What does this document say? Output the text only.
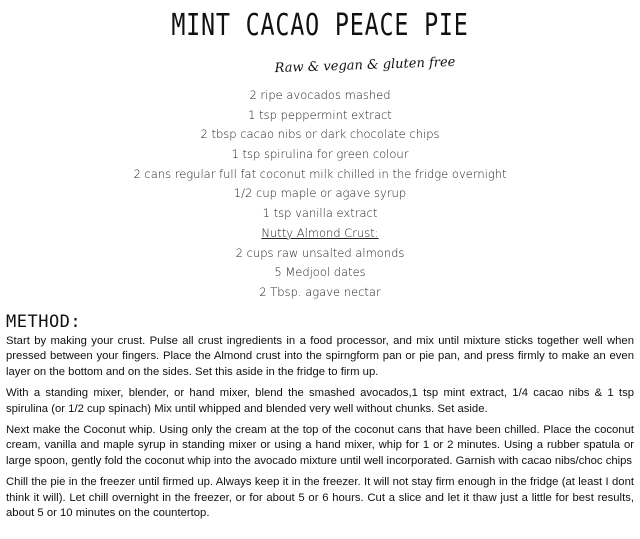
MINT CACAO PEACE PIE
Raw & vegan & gluten free
2 ripe avocados mashed
1 tsp peppermint extract
2 tbsp cacao nibs or dark chocolate chips
1 tsp spirulina for green colour
2 cans regular full fat coconut milk chilled in the fridge overnight
1/2 cup maple or agave syrup
1 tsp vanilla extract
Nutty Almond Crust:
2 cups raw unsalted almonds
5 Medjool dates
2 Tbsp. agave nectar
METHOD:

Start by making your crust. Pulse all crust ingredients in a food processor, and mix until mixture sticks together well when pressed between your fingers. Place the Almond crust into the spirngform pan or pie pan, and press firmly to make an even layer on the bottom and on the sides. Set this aside in the fridge to firm up.

With a standing mixer, blender, or hand mixer, blend the smashed avocados,1 tsp mint extract, 1/4 cacao nibs & 1 tsp spirulina (or 1/2 cup spinach) Mix until whipped and blended very well without chunks. Set aside.

Next make the Coconut whip. Using only the cream at the top of the coconut cans that have been chilled. Place the coconut cream, vanilla and maple syrup in standing mixer or using a hand mixer, whip for 1 or 2 minutes. Using a rubber spatula or large spoon, gently fold the coconut whip into the avocado mixture until well incorporated. Garnish with cacao nibs/choc chips

Chill the pie in the freezer until firmed up. Always keep it in the freezer. It will not stay firm enough in the fridge (at least I dont think it will). Let chill overnight in the freezer, or for about 5 or 6 hours. Cut a slice and let it thaw just a little for best results, about 5 or 10 minutes on the countertop.
